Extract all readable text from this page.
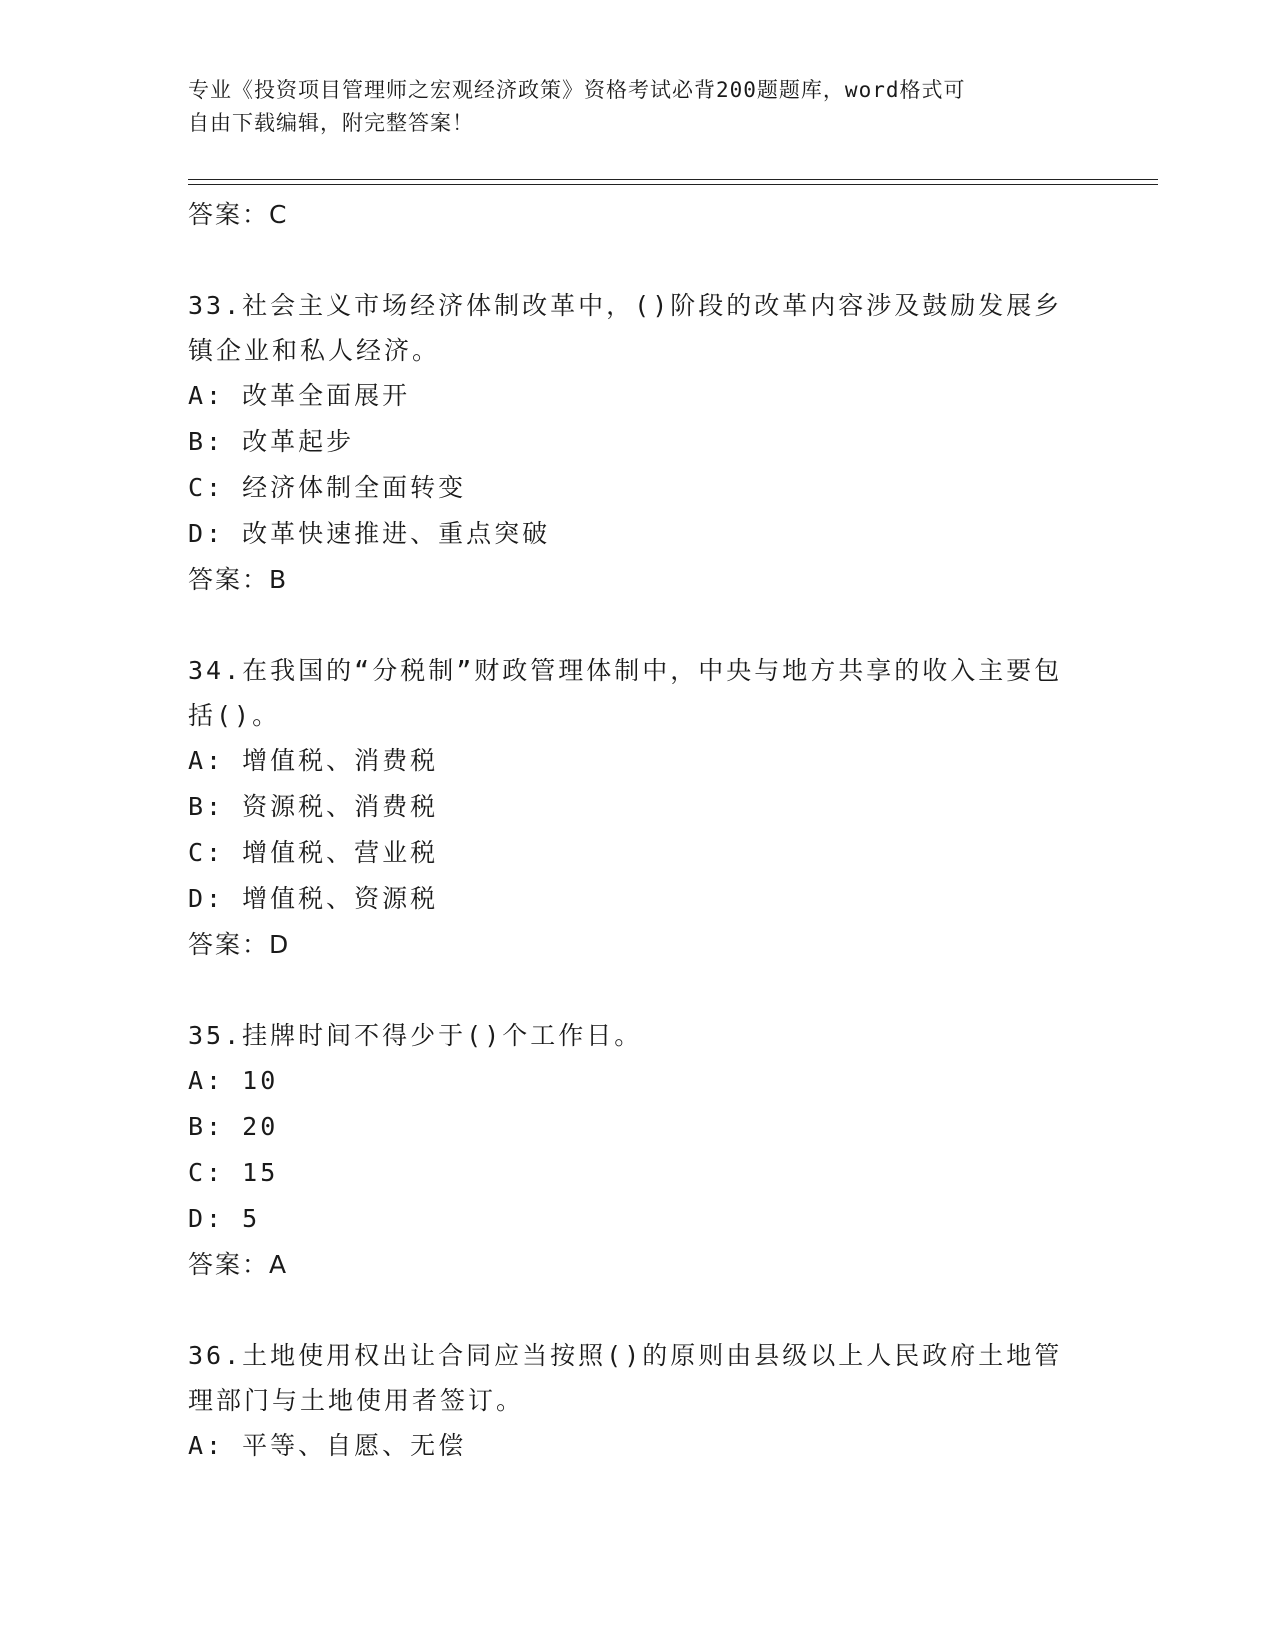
专业《投资项目管理师之宏观经济政策》资格考试必背200题题库，word格式可
自由下载编辑，附完整答案！
答案：C
33.社会主义市场经济体制改革中，()阶段的改革内容涉及鼓励发展乡镇企业和私人经济。
A: 改革全面展开
B: 改革起步
C: 经济体制全面转变
D: 改革快速推进、重点突破
答案：B
34.在我国的“分税制”财政管理体制中，中央与地方共享的收入主要包括()。
A: 增值税、消费税
B: 资源税、消费税
C: 增值税、营业税
D: 增值税、资源税
答案：D
35.挂牌时间不得少于()个工作日。
A: 10
B: 20
C: 15
D: 5
答案：A
36.土地使用权出让合同应当按照()的原则由县级以上人民政府土地管理部门与土地使用者签订。
A: 平等、自愿、无偿
